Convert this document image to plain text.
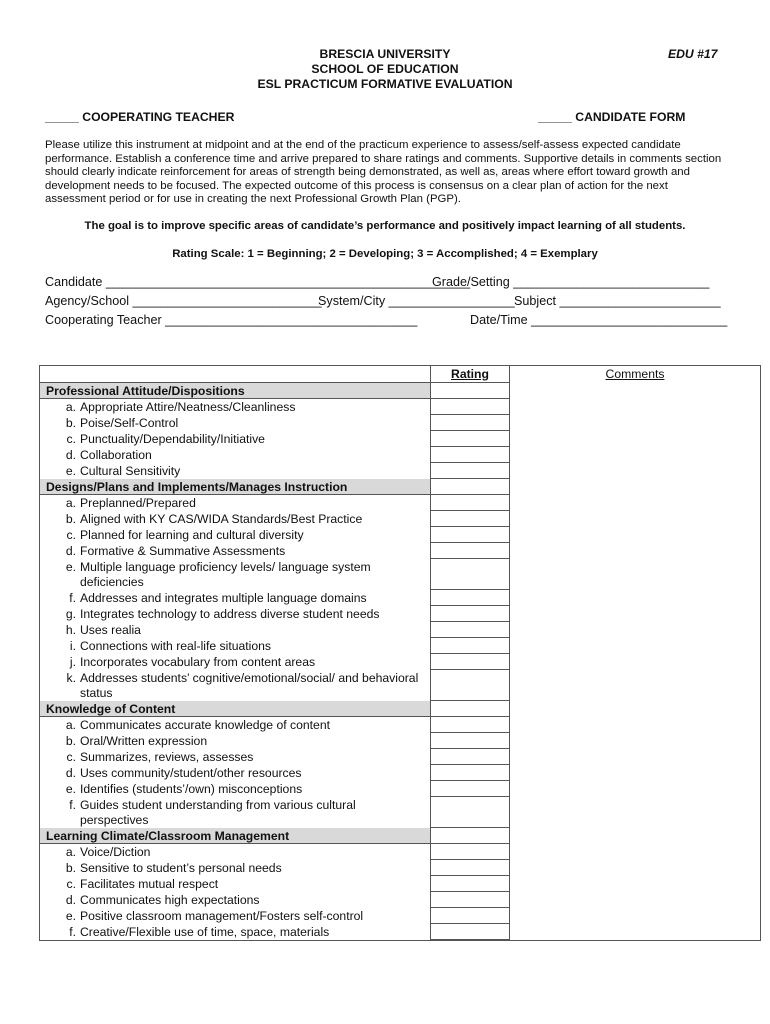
BRESCIA UNIVERSITY
SCHOOL OF EDUCATION
ESL PRACTICUM FORMATIVE EVALUATION
EDU #17
_____ COOPERATING TEACHER	_____ CANDIDATE FORM
Please utilize this instrument at midpoint and at the end of the practicum experience to assess/self-assess expected candidate performance. Establish a conference time and arrive prepared to share ratings and comments. Supportive details in comments section should clearly indicate reinforcement for areas of strength being demonstrated, as well as, areas where effort toward growth and development needs to be focused. The expected outcome of this process is consensus on a clear plan of action for the next assessment period or for use in creating the next Professional Growth Plan (PGP).
The goal is to improve specific areas of candidate’s performance and positively impact learning of all students.
Rating Scale: 1 = Beginning; 2 = Developing; 3 = Accomplished; 4 = Exemplary
Candidate ____________________________________________________
Grade/Setting ____________________________
Agency/School ___________________________
System/City __________________ Subject _______________________
Cooperating Teacher ____________________________________	Date/Time ____________________________
Professional Attitude/Dispositions
a. Appropriate Attire/Neatness/Cleanliness
b. Poise/Self-Control
c. Punctuality/Dependability/Initiative
d. Collaboration
e. Cultural Sensitivity
Designs/Plans and Implements/Manages Instruction
a. Preplanned/Prepared
b. Aligned with KY CAS/WIDA Standards/Best Practice
c. Planned for learning and cultural diversity
d. Formative & Summative Assessments
e. Multiple language proficiency levels/ language system deficiencies
f. Addresses and integrates multiple language domains
g. Integrates technology to address diverse student needs
h. Uses realia
i. Connections with real-life situations
j. Incorporates vocabulary from content areas
k. Addresses students’ cognitive/emotional/social/ and behavioral status
Knowledge of Content
a. Communicates accurate knowledge of content
b. Oral/Written expression
c. Summarizes, reviews, assesses
d. Uses community/student/other resources
e. Identifies (students’/own) misconceptions
f. Guides student understanding from various cultural perspectives
Learning Climate/Classroom Management
a. Voice/Diction
b. Sensitive to student’s personal needs
c. Facilitates mutual respect
d. Communicates high expectations
e. Positive classroom management/Fosters self-control
f. Creative/Flexible use of time, space, materials

Rating	Comments
